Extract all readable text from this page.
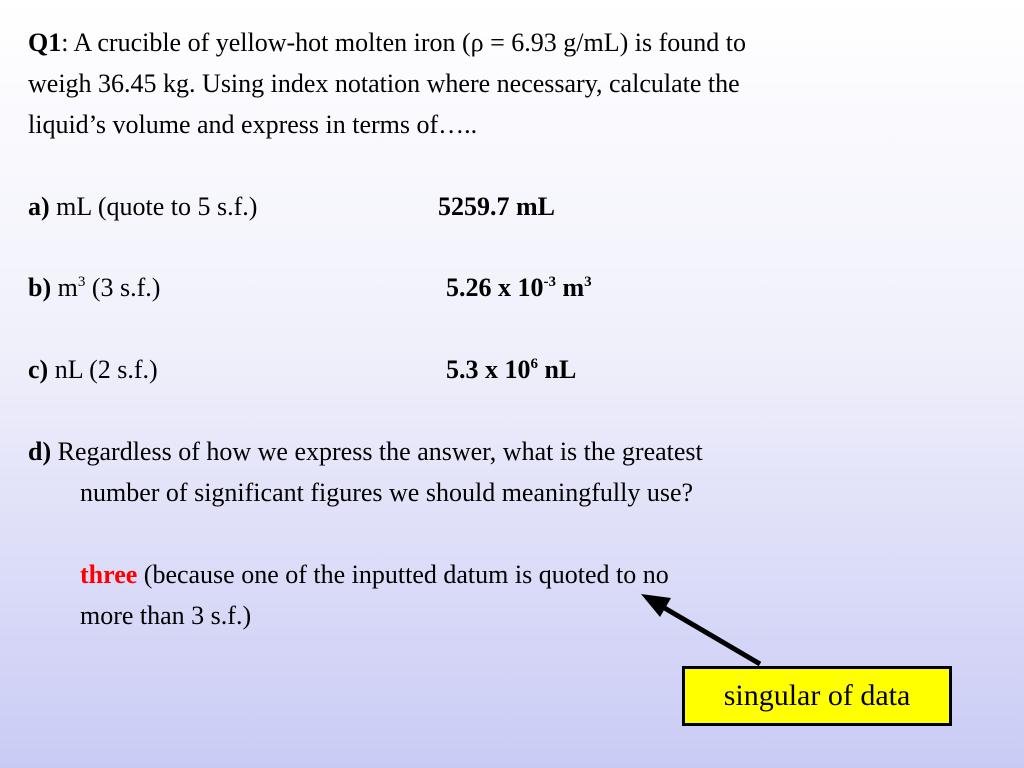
Q1: A crucible of yellow-hot molten iron (ρ = 6.93 g/mL) is found to
weigh 36.45 kg. Using index notation where necessary, calculate the
liquid’s volume and express in terms of…..
a) mL (quote to 5 s.f.)	5259.7 mL
b) $m^3$ (3 s.f.)	5.26 x $10^{-3}$ $m^3$
c) nL (2 s.f.)	5.3 x $10^6$ nL
d) Regardless of how we express the answer, what is the greatest
number of significant figures we should meaningfully use?
three (because one of the inputted datum is quoted to no
more than 3 s.f.)
singular of data
